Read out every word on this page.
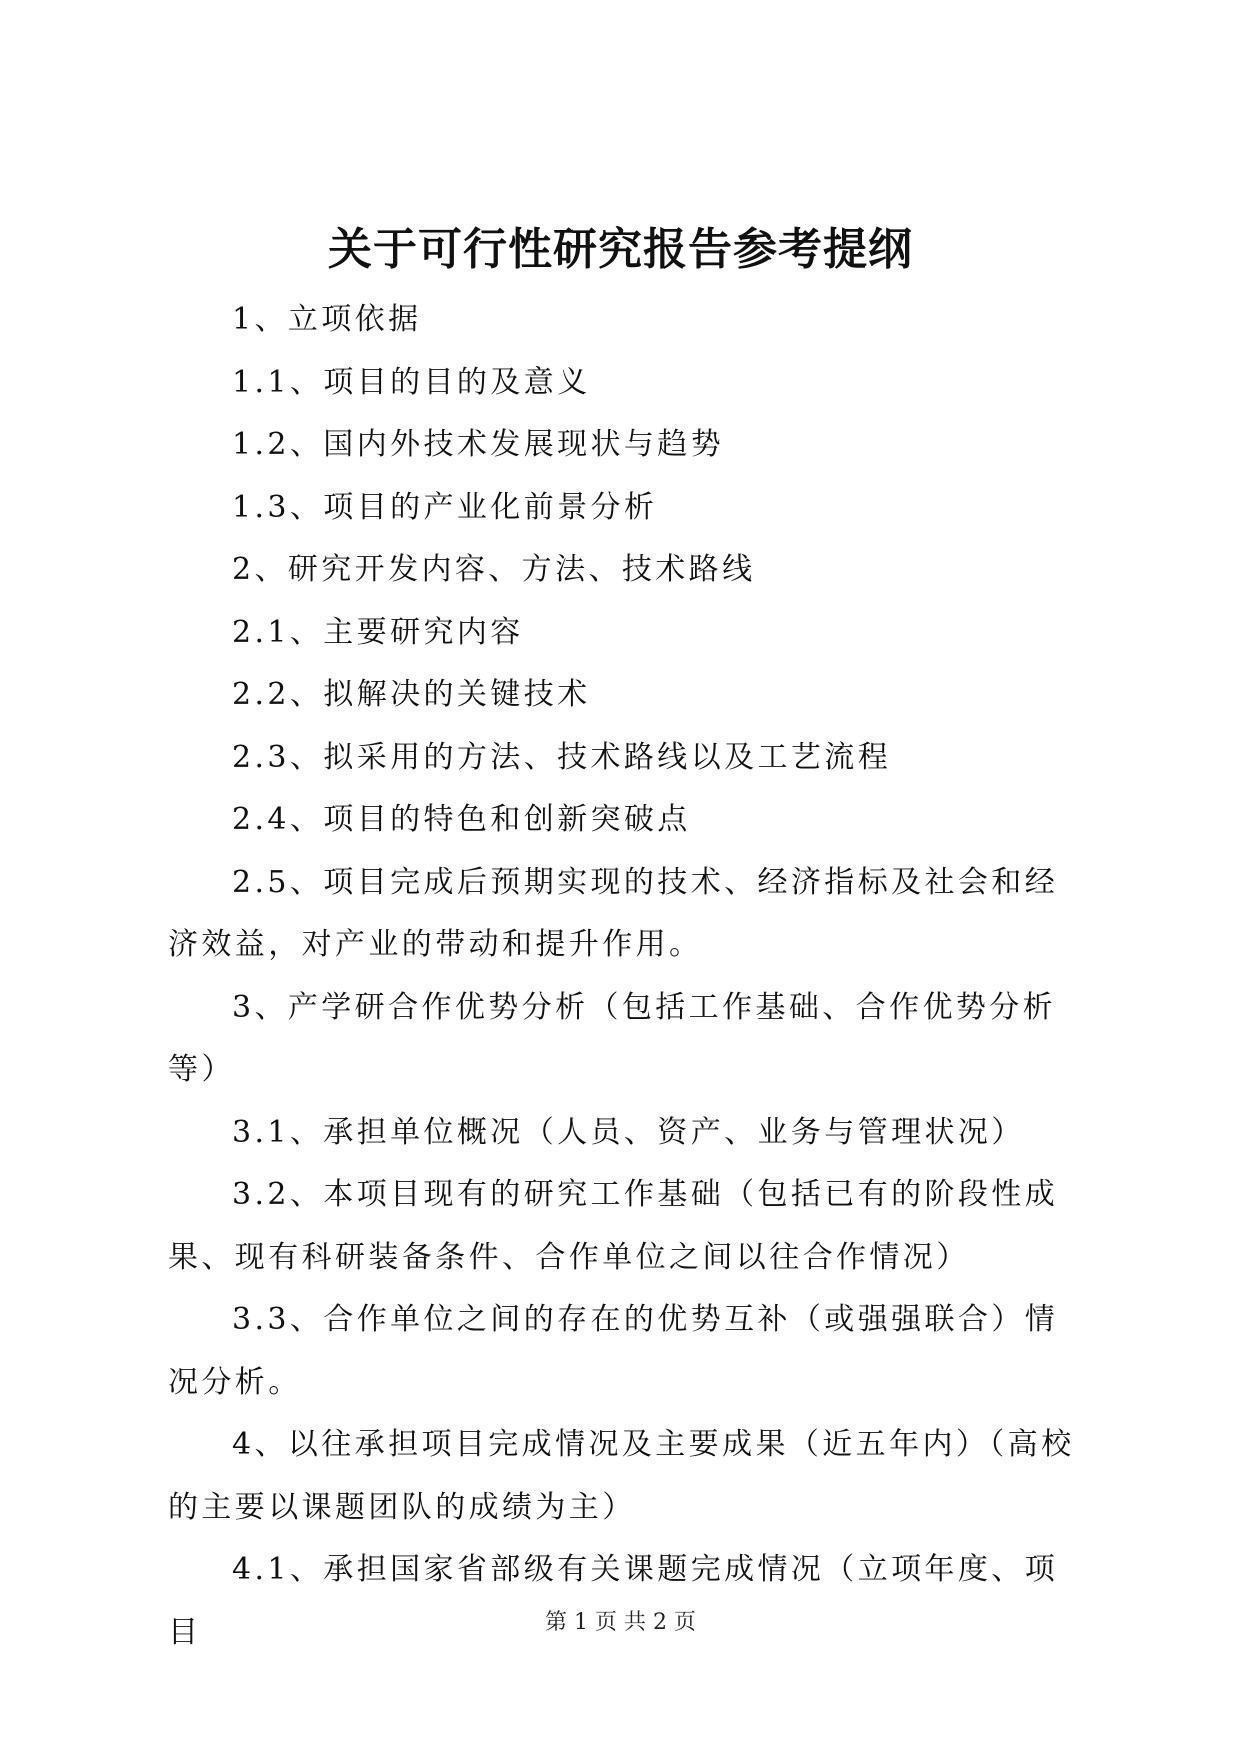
关于可行性研究报告参考提纲

1、立项依据

1.1、项目的目的及意义

1.2、国内外技术发展现状与趋势

1.3、项目的产业化前景分析

2、研究开发内容、方法、技术路线

2.1、主要研究内容

2.2、拟解决的关键技术

2.3、拟采用的方法、技术路线以及工艺流程

2.4、项目的特色和创新突破点

2.5、项目完成后预期实现的技术、经济指标及社会和经济效益，对产业的带动和提升作用。

3、产学研合作优势分析（包括工作基础、合作优势分析等）

3.1、承担单位概况（人员、资产、业务与管理状况）

3.2、本项目现有的研究工作基础（包括已有的阶段性成果、现有科研装备条件、合作单位之间以往合作情况）

3.3、合作单位之间的存在的优势互补（或强强联合）情况分析。

4、以往承担项目完成情况及主要成果（近五年内）（高校的主要以课题团队的成绩为主）

4.1、承担国家省部级有关课题完成情况（立项年度、项目	第 1 页 共 2 页
